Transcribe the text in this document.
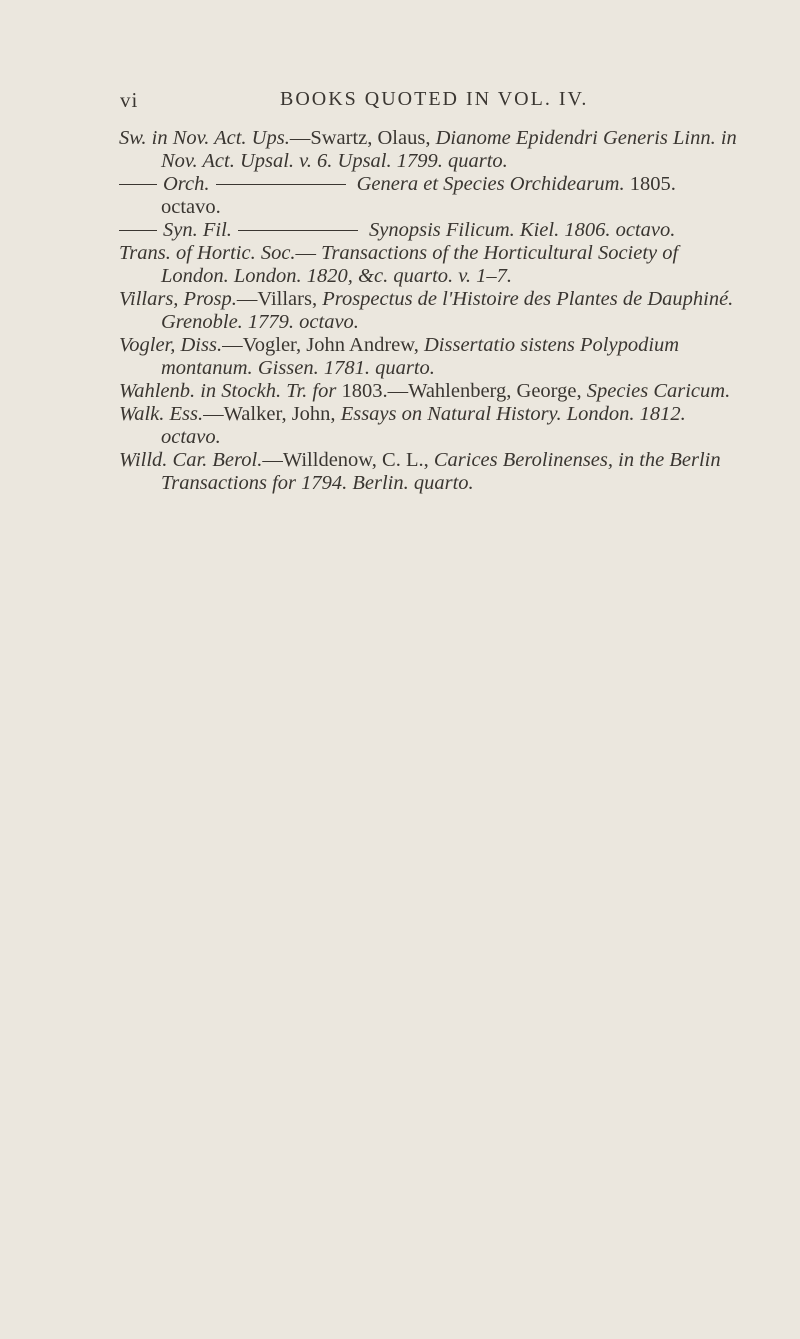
vi	BOOKS QUOTED IN VOL. IV.

Sw. in Nov. Act. Ups.—Swartz, Olaus, Dianome Epidendri Generis Linn. in Nov. Act. Upsal. v. 6. Upsal. 1799. quarto.

Orch.	Genera et Species Orchidearum. 1805. octavo.

Syn. Fil.	Synopsis Filicum. Kiel. 1806. octavo.

Trans. of Hortic. Soc.— Transactions of the Horticultural Society of London. London. 1820, &c. quarto. v. 1–7.

Villars, Prosp.—Villars, Prospectus de l'Histoire des Plantes de Dauphiné. Grenoble. 1779. octavo.

Vogler, Diss.—Vogler, John Andrew, Dissertatio sistens Polypodium montanum. Gissen. 1781. quarto.

Wahlenb. in Stockh. Tr. for 1803.—Wahlenberg, George, Species Caricum.

Walk. Ess.—Walker, John, Essays on Natural History. London. 1812. octavo.

Willd. Car. Berol.—Willdenow, C. L., Carices Berolinenses, in the Berlin Transactions for 1794. Berlin. quarto.
